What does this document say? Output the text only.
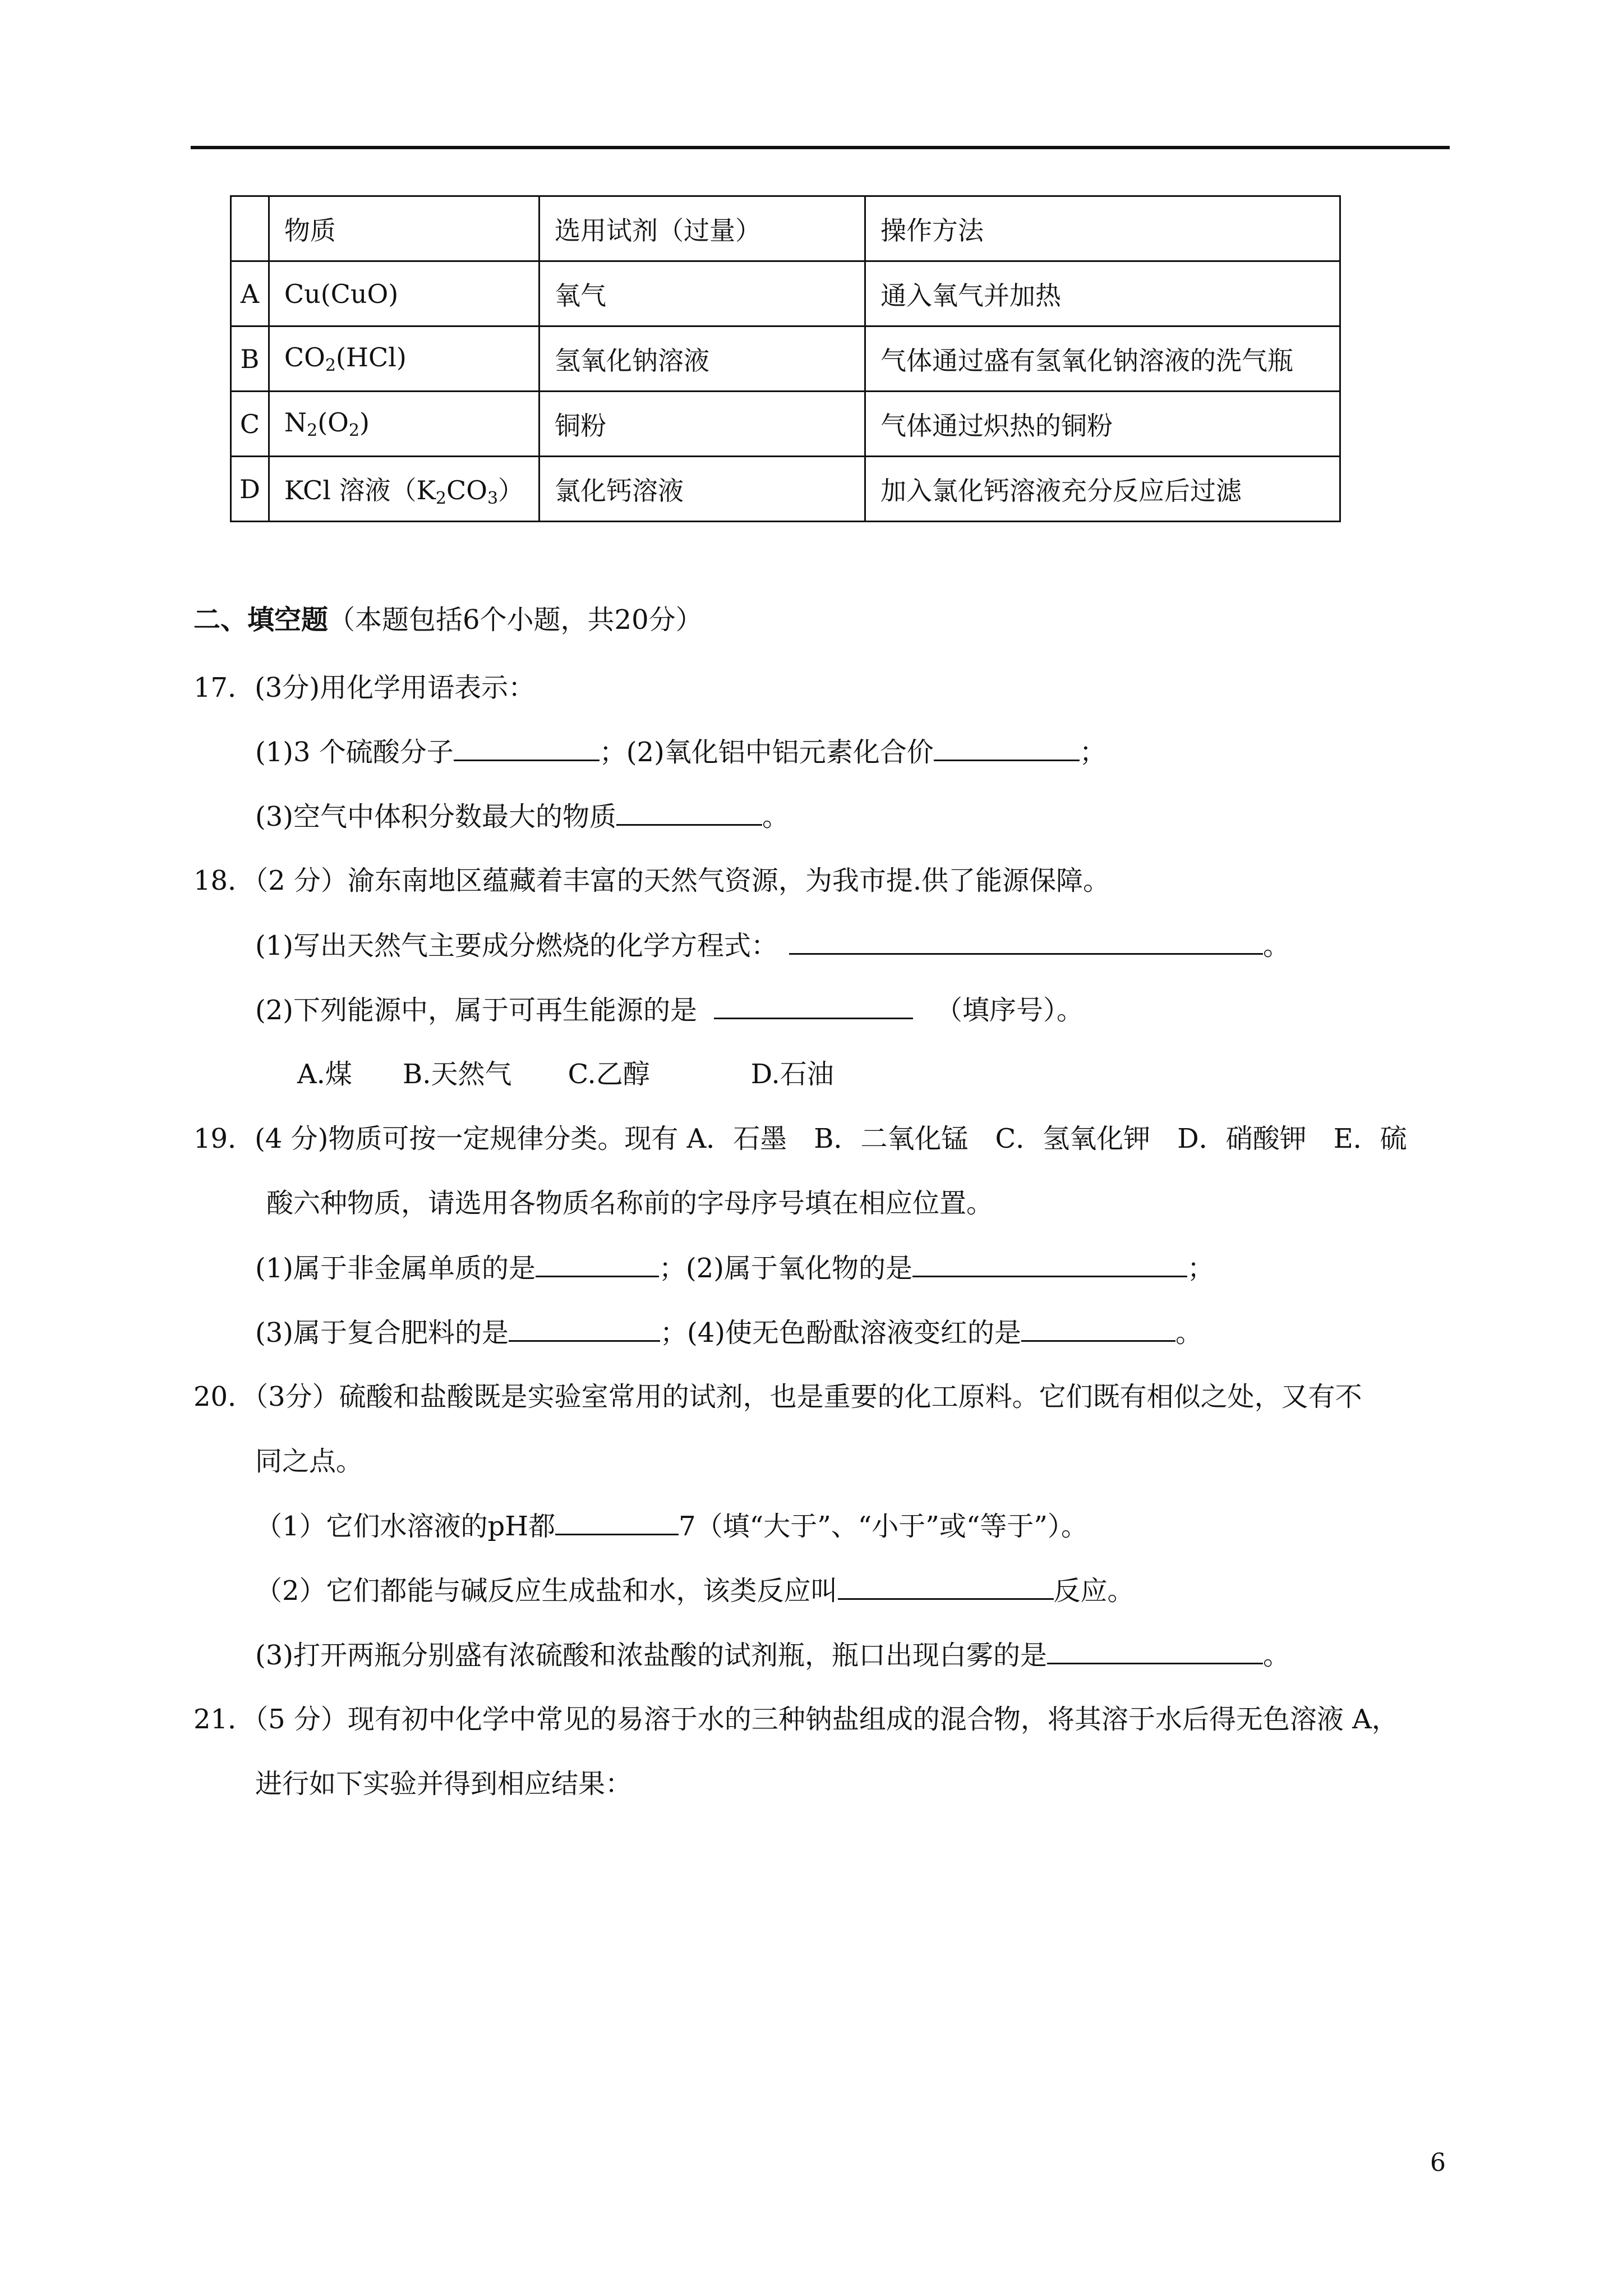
	物质	选用试剂（过量）	操作方法
A	Cu(CuO)	氧气	通入氧气并加热
B	$CO_2(HCl)$	氢氧化钠溶液	气体通过盛有氢氧化钠溶液的洗气瓶
C	$N_2(O_2)$	铜粉	气体通过炽热的铜粉
D	KCl 溶液$(K_2CO_3)$	氯化钙溶液	加入氯化钙溶液充分反应后过滤
二、填空题（本题包括6个小题，共20分）
17．(3分)用化学用语表示：
(1)3 个硫酸分子	；(2)氧化铝中铝元素化合价	；
(3)空气中体积分数最大的物质	。
18．（2 分）渝东南地区蕴藏着丰富的天然气资源，为我市提.供了能源保障。
(1)写出天然气主要成分燃烧的化学方程式：	。
(2)下列能源中，属于可再生能源的是	（填序号）。
A.煤 B.天然气 C.乙醇	D.石油
19．(4 分)物质可按一定规律分类。现有 A．石墨　B．二氧化锰　C．氢氧化钾　D．硝酸钾　E．硫
酸六种物质，请选用各物质名称前的字母序号填在相应位置。
(1)属于非金属单质的是	；(2)属于氧化物的是	；
(3)属于复合肥料的是	；(4)使无色酚酞溶液变红的是	。
20．（3分）硫酸和盐酸既是实验室常用的试剂，也是重要的化工原料。它们既有相似之处，又有不
同之点。
（1）它们水溶液的pH都	7（填“大于”、“小于”或“等于”）。
（2）它们都能与碱反应生成盐和水，该类反应叫	反应。
(3)打开两瓶分别盛有浓硫酸和浓盐酸的试剂瓶，瓶口出现白雾的是	。
21．（5 分）现有初中化学中常见的易溶于水的三种钠盐组成的混合物，将其溶于水后得无色溶液 A，
进行如下实验并得到相应结果：
6
